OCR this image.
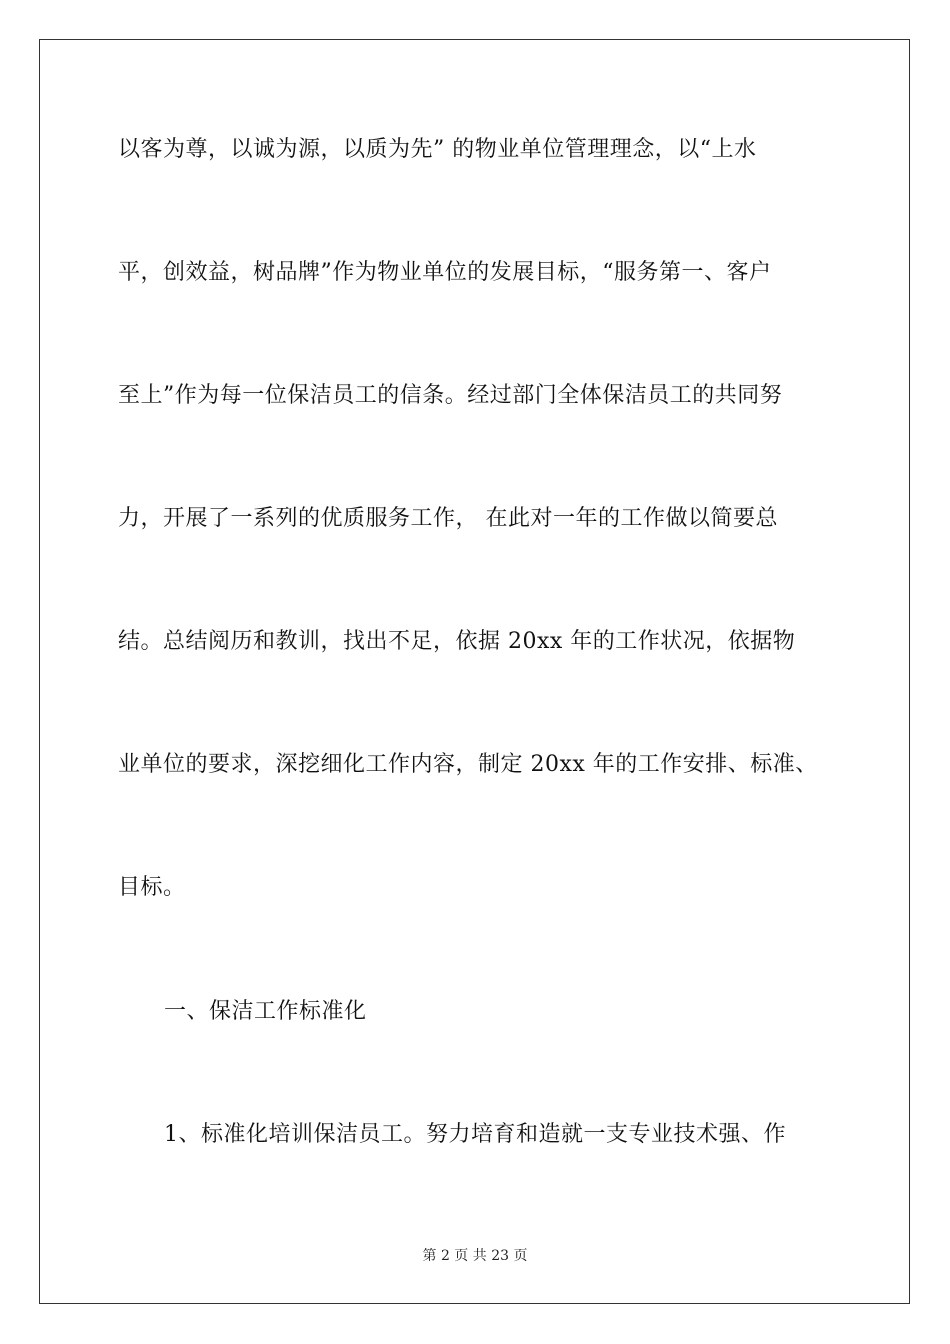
以客为尊，以诚为源，以质为先” 的物业单位管理理念，以“上水
平，创效益，树品牌”作为物业单位的发展目标，“服务第一、客户
至上”作为每一位保洁员工的信条。经过部门全体保洁员工的共同努
力，开展了一系列的优质服务工作， 在此对一年的工作做以简要总
结。总结阅历和教训，找出不足，依据 20xx 年的工作状况，依据物
业单位的要求，深挖细化工作内容，制定 20xx 年的工作安排、标准、
目标。
一、保洁工作标准化
1、标准化培训保洁员工。努力培育和造就一支专业技术强、作
第 2 页 共 23 页
